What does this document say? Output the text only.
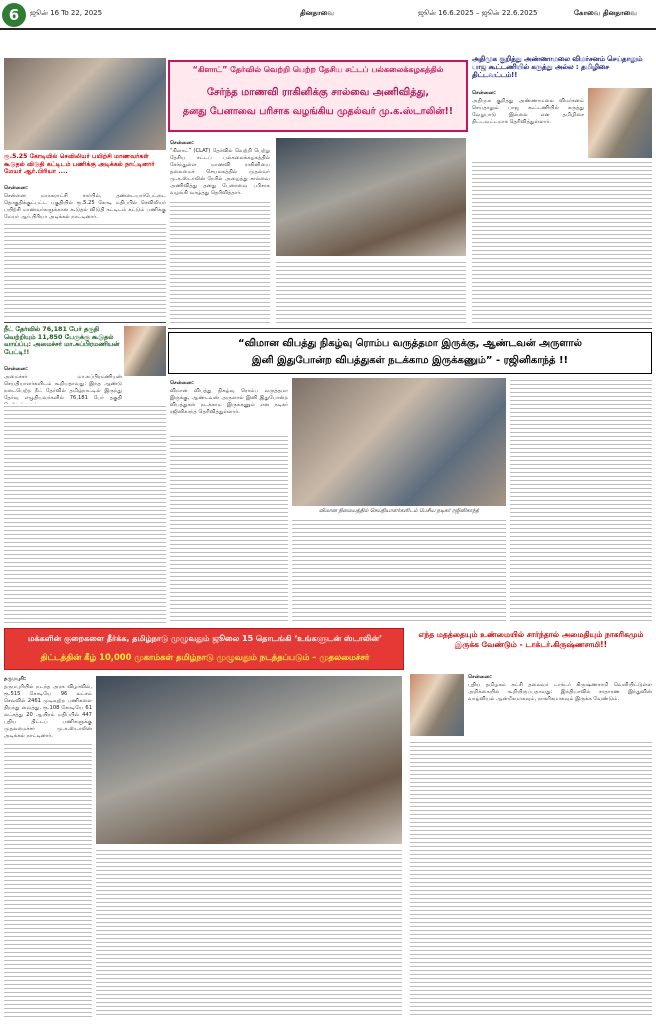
6	ஜூன் 16 To 22, 2025	தினதாவை	ஜூன் 16.6.2025 – ஜூன் 22.6.2025	கோவை தினதாவை
ரூ.5.25 கோடியில் செவிலியர் பயிற்சி மாணவர்கள் கூடுதல் விடுதி கட்டிடம் பணிக்கு அடிக்கல் நாட்டினார் மேயர் ஆர்.பிரியா ....
சென்னை:
சென்னை மாநகராட்சி சார்பில், தண்டையார்பேட்டை தொகுதிக்குட்பட்ட பகுதியில் ரூ.5.25 கோடி மதிப்பில் செவிலியர் பயிற்சி மாணவர்களுக்கான கூடுதல் விடுதி கட்டிடம் கட்டும் பணிக்கு மேயர் ஆர்.பிரியா அடிக்கல் நாட்டினார்.
நீட் தேர்வில் 76,181 பேர் தகுதி வெற்றியும் 11,850 பேருக்கு கூடுதல் வாய்ப்பு: அமைச்சர் மா.சுப்பிரமணியன் பேட்டி!!
சென்னை:
அமைச்சர் மா.சுப்பிரமணியன் செய்தியாளர்களிடம் கூறியதாவது: இந்த ஆண்டு நடைபெற்ற நீட் தேர்வில் தமிழ்நாட்டில் இருந்து தேர்வு எழுதியவர்களில் 76,181 பேர் தகுதி
“கிளாட்” தேர்வில் வெற்றி பெற்ற தேசிய சட்டப் பல்கலைக்கழகத்தில்
சேர்ந்த மாணவி ராகினிக்கு சால்வை அணிவித்து,
தனது பேனாவை பரிசாக வழங்கிய முதல்வர் மு.க.ஸ்டாலின்!!
சென்னை:
“கிளாட்” (CLAT) தேர்வில் வெற்றி பெற்று தேசிய சட்டப் பல்கலைக்கழகத்தில் சேர்ந்துள்ள மாணவி ராகினியை தலைமைச் செயலகத்தில் முதல்வர் மு.க.ஸ்டாலின் நேரில் அழைத்து சால்வை அணிவித்து தனது பேனாவை பரிசாக வழங்கி வாழ்த்து தெரிவித்தார்.
அதிமுக குறித்து அண்ணாமலை விமர்சனம் செய்தாலும் பாஜ கூட்டணியில் கருத்து அல்ல : தமிழிசை திட்டவட்டம்!!
சென்னை:
அதிமுக குறித்து அண்ணாமலை விமர்சனம் செய்தாலும் பாஜ கூட்டணியில் கருத்து வேறுபாடு இல்லை என தமிழிசை திட்டவட்டமாக தெரிவித்துள்ளார்.
“விமான விபத்து நிகழ்வு ரொம்ப வருத்தமா இருக்கு, ஆண்டவன் அருளால்
இனி இதுபோன்ற விபத்துகள் நடக்காம இருக்கணும்” - ரஜினிகாந்த் !!
சென்னை:
விமான விபத்து நிகழ்வு ரொம்ப வருத்தமா இருக்கு, ஆண்டவன் அருளால் இனி இதுபோன்ற விபத்துகள் நடக்காம இருக்கணும் என நடிகர் ரஜினிகாந்த் தெரிவித்துள்ளார்.
விமான நிலையத்தில் செய்தியாளர்களிடம் பேசிய நடிகர் ரஜினிகாந்த்
மக்களின் குறைகளை தீர்க்க, தமிழ்நாடு முழுவதும் ஜூலை 15 தொடங்கி ‘உங்களுடன் ஸ்டாலின்’
திட்டத்தின் கீழ் 10,000 முகாம்கள் தமிழ்நாடு முழுவதும் நடத்தப்படும் – முதலமைச்சர்
தருமபுரி:
தருமபுரியில் நடந்த அரசு விழாவில், ரூ.515 கோடியே 96 லட்சம் செலவில் 2461 முடிவுற்ற பணிகளை திறந்து வைத்து, ரூ.108 கோடியே 61 லட்சத்து 20 ஆயிரம் மதிப்பில் 447 புதிய திட்டப் பணிகளுக்கு முதலமைச்சர் மு.க.ஸ்டாலின் அடிக்கல் நாட்டினார்.
எந்த மதத்தையும் உண்மையில் சார்ந்தால் அமைதியும் நாகரிகமும் இருக்க வேண்டும் - டாக்டர்.கிருஷ்ணசாமி!!
சென்னை:
புதிய தமிழகம் கட்சி தலைவர் டாக்டர் கிருஷ்ணசாமி வெளியிட்டுள்ள அறிக்கையில் கூறியிருப்பதாவது: இந்தியாவில் சாதாரண இந்துவின் வாழ்வியல் ஆன்மீகமாகவும், நாகரிகமாகவும் இருக்க வேண்டும்.
